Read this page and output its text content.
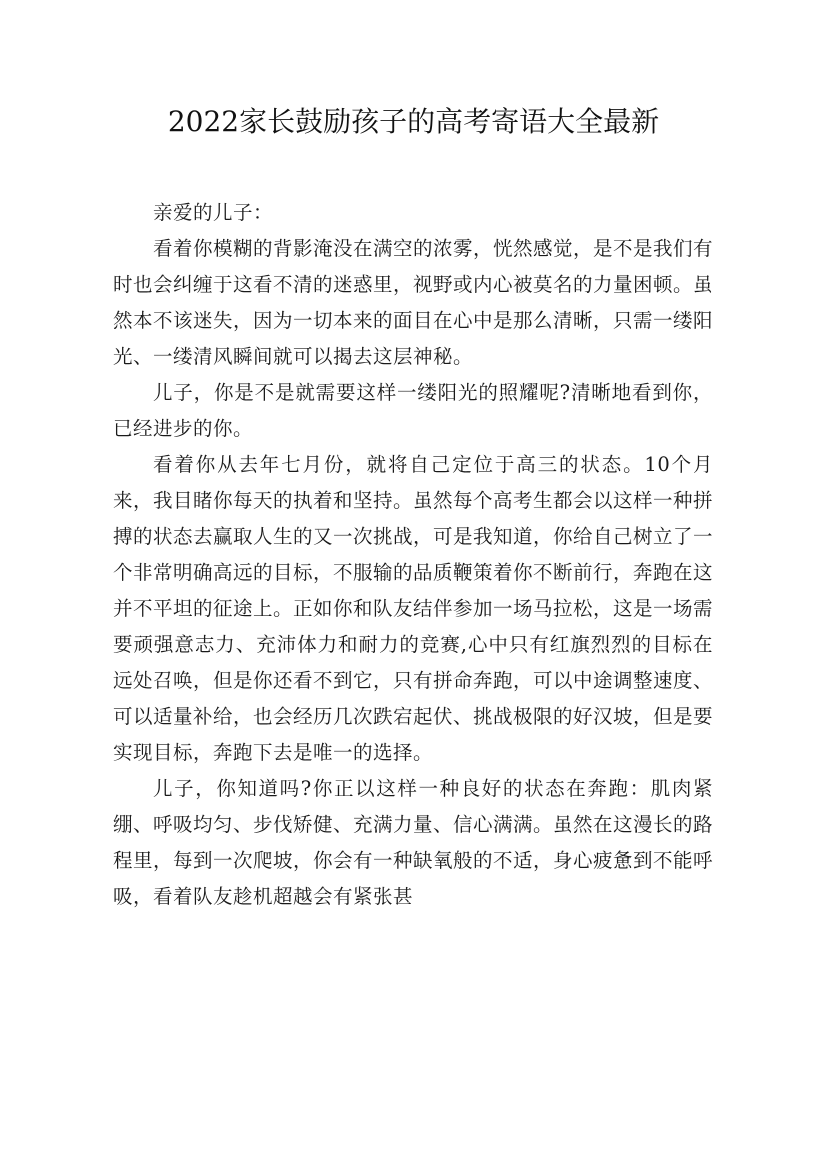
2022家长鼓励孩子的高考寄语大全最新

亲爱的儿子：

看着你模糊的背影淹没在满空的浓雾，恍然感觉，是不是我们有时也会纠缠于这看不清的迷惑里，视野或内心被莫名的力量困顿。虽然本不该迷失，因为一切本来的面目在心中是那么清晰，只需一缕阳光、一缕清风瞬间就可以揭去这层神秘。

儿子，你是不是就需要这样一缕阳光的照耀呢?清晰地看到你，已经进步的你。

看着你从去年七月份，就将自己定位于高三的状态。10个月来，我目睹你每天的执着和坚持。虽然每个高考生都会以这样一种拼搏的状态去赢取人生的又一次挑战，可是我知道，你给自己树立了一个非常明确高远的目标，不服输的品质鞭策着你不断前行，奔跑在这并不平坦的征途上。正如你和队友结伴参加一场马拉松，这是一场需要顽强意志力、充沛体力和耐力的竞赛,心中只有红旗烈烈的目标在远处召唤，但是你还看不到它，只有拼命奔跑，可以中途调整速度、可以适量补给，也会经历几次跌宕起伏、挑战极限的好汉坡，但是要实现目标，奔跑下去是唯一的选择。

儿子，你知道吗?你正以这样一种良好的状态在奔跑：肌肉紧绷、呼吸均匀、步伐矫健、充满力量、信心满满。虽然在这漫长的路程里，每到一次爬坡，你会有一种缺氧般的不适，身心疲惫到不能呼吸，看着队友趁机超越会有紧张甚
